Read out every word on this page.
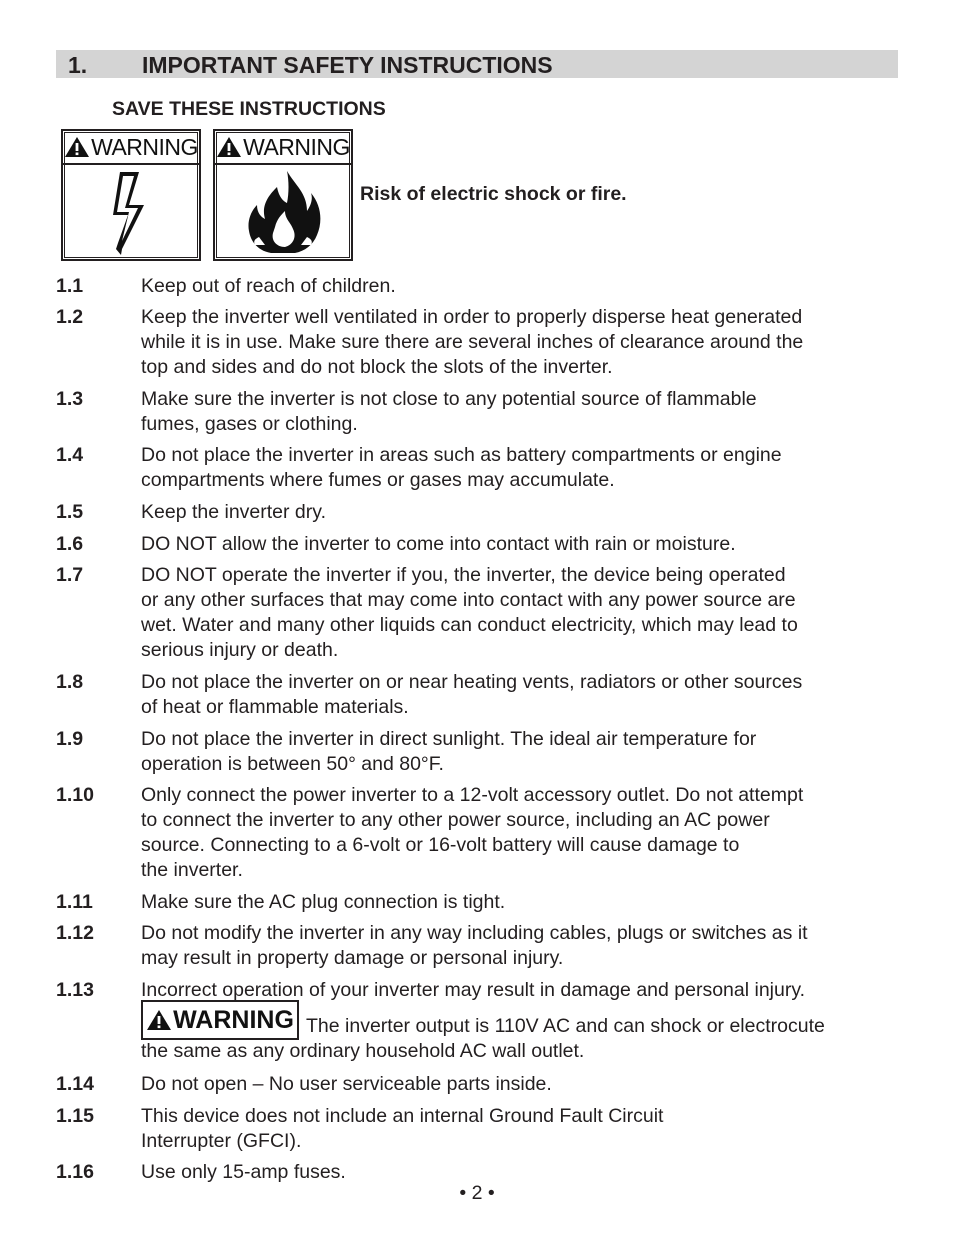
1. IMPORTANT SAFETY INSTRUCTIONS
SAVE THESE INSTRUCTIONS
WARNING WARNING
Risk of electric shock or fire.
1.1	Keep out of reach of children.
1.2	Keep the inverter well ventilated in order to properly disperse heat generated
while it is in use. Make sure there are several inches of clearance around the
top and sides and do not block the slots of the inverter.
1.3	Make sure the inverter is not close to any potential source of flammable
fumes, gases or clothing.
1.4	Do not place the inverter in areas such as battery compartments or engine
compartments where fumes or gases may accumulate.
1.5	Keep the inverter dry.
1.6	DO NOT allow the inverter to come into contact with rain or moisture.
1.7	DO NOT operate the inverter if you, the inverter, the device being operated
or any other surfaces that may come into contact with any power source are
wet. Water and many other liquids can conduct electricity, which may lead to
serious injury or death.
1.8	Do not place the inverter on or near heating vents, radiators or other sources
of heat or flammable materials.
1.9	Do not place the inverter in direct sunlight. The ideal air temperature for
operation is between 50° and 80°F.
1.10 Only connect the power inverter to a 12-volt accessory outlet. Do not attempt
to connect the inverter to any other power source, including an AC power
source. Connecting to a 6-volt or 16-volt battery will cause damage to
the inverter.
1.11 Make sure the AC plug connection is tight.
1.12 Do not modify the inverter in any way including cables, plugs or switches as it
may result in property damage or personal injury.
1.13 Incorrect operation of your inverter may result in damage and personal injury.
WARNING The inverter output is 110V AC and can shock or electrocute
the same as any ordinary household AC wall outlet.
1.14 Do not open – No user serviceable parts inside.
1.15 This device does not include an internal Ground Fault Circuit
Interrupter (GFCI).
1.16 Use only 15-amp fuses.
• 2 •
